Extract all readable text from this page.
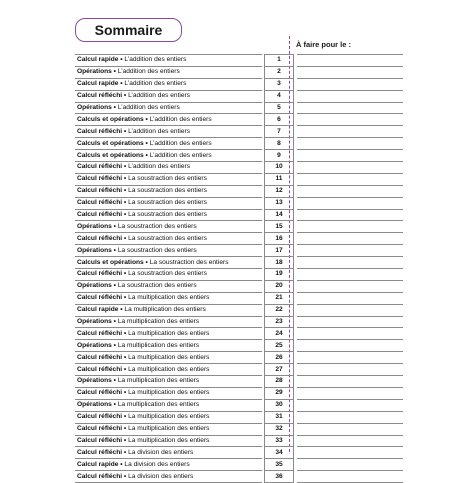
Sommaire
À faire pour le :
Calcul rapide • L’addition des entiers		1		
Opérations • L’addition des entiers		2		
Calcul rapide • L’addition des entiers		3		
Calcul réfléchi • L’addition des entiers		4		
Opérations • L’addition des entiers		5		
Calculs et opérations • L’addition des entiers		6		
Calcul réfléchi • L’addition des entiers		7		
Calculs et opérations • L’addition des entiers		8		
Calculs et opérations • L’addition des entiers		9		
Calcul réfléchi • L’addition des entiers		10		
Calcul réfléchi • La soustraction des entiers		11		
Calcul réfléchi • La soustraction des entiers		12		
Calcul réfléchi • La soustraction des entiers		13		
Calcul réfléchi • La soustraction des entiers		14		
Opérations • La soustraction des entiers		15		
Calcul réfléchi • La soustraction des entiers		16		
Opérations • La soustraction des entiers		17		
Calculs et opérations • La soustraction des entiers		18		
Calcul réfléchi • La soustraction des entiers		19		
Opérations • La soustraction des entiers		20		
Calcul réfléchi • La multiplication des entiers		21		
Calcul rapide • La multiplication des entiers		22		
Opérations • La multiplication des entiers		23		
Calcul réfléchi • La multiplication des entiers		24		
Opérations • La multiplication des entiers		25		
Calcul réfléchi • La multiplication des entiers		26		
Calcul réfléchi • La multiplication des entiers		27		
Opérations • La multiplication des entiers		28		
Calcul réfléchi • La multiplication des entiers		29		
Opérations • La multiplication des entiers		30		
Calcul réfléchi • La multiplication des entiers		31		
Calcul réfléchi • La multiplication des entiers		32		
Calcul réfléchi • La multiplication des entiers		33		
Calcul réfléchi • La division des entiers		34		
Calcul rapide • La division des entiers		35		
Calcul réfléchi • La division des entiers		36		
